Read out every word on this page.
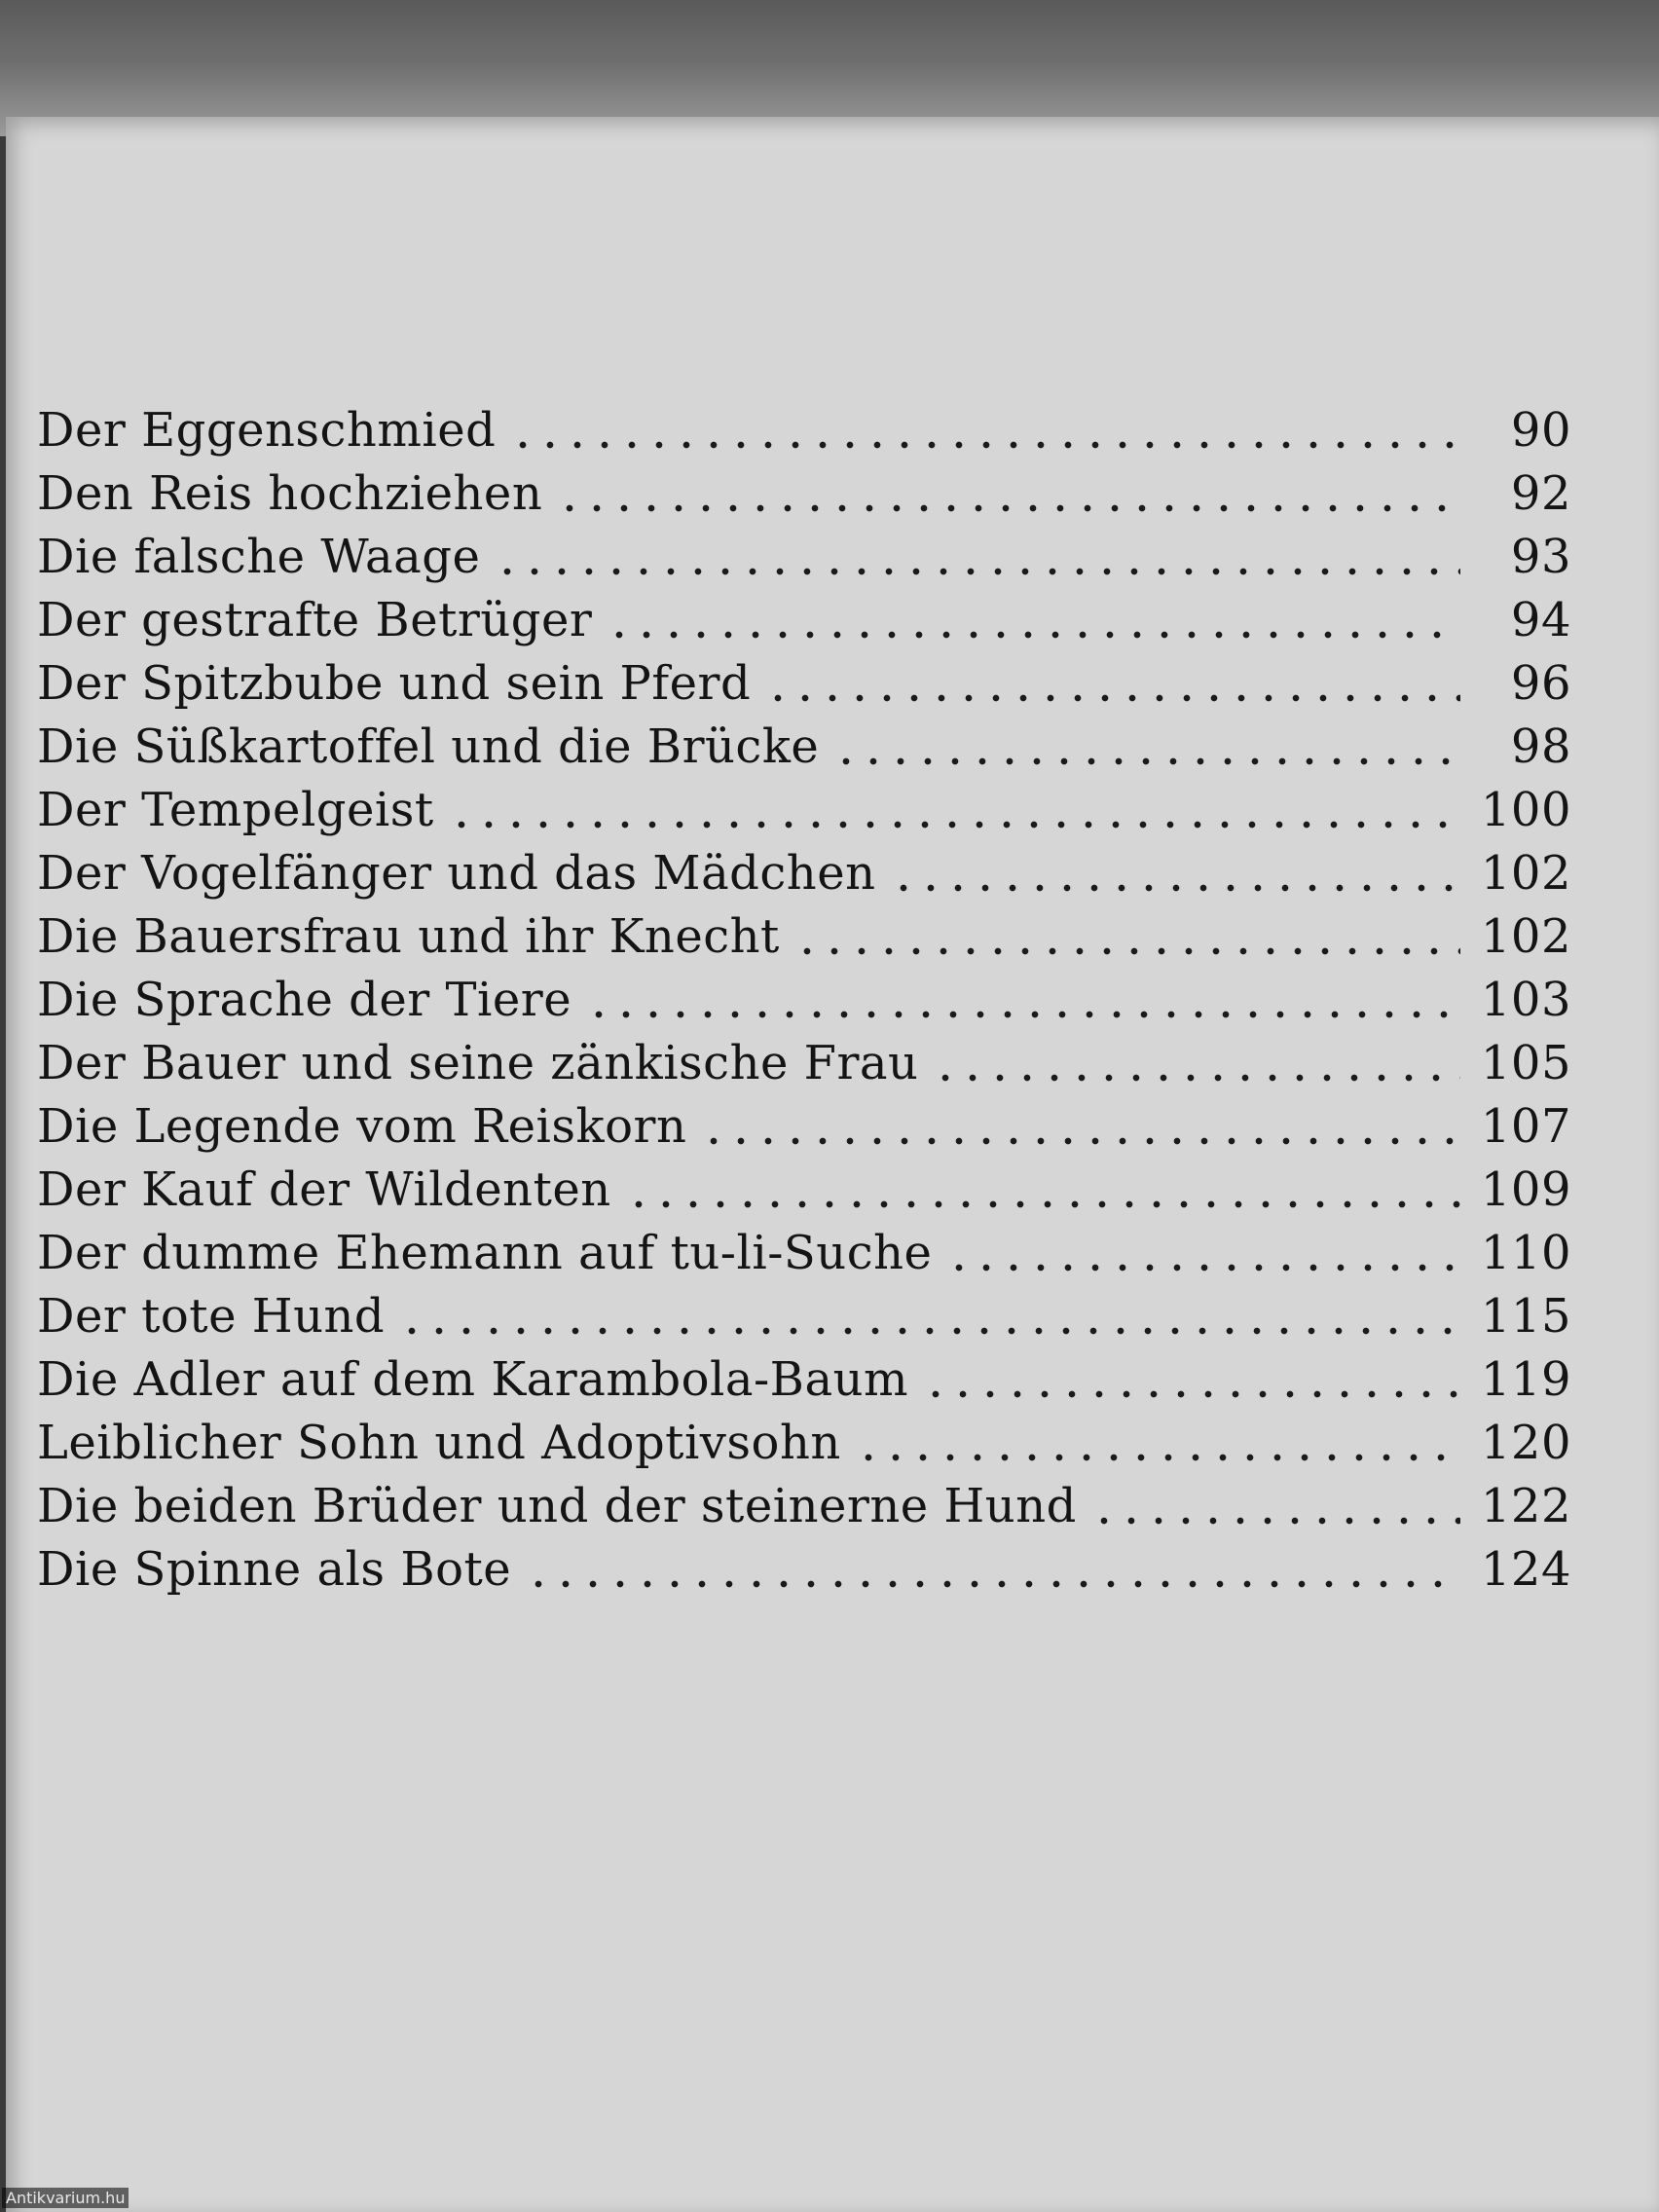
Der Eggenschmied	90
Den Reis hochziehen	92
Die falsche Waage	93
Der gestrafte Betrüger	94
Der Spitzbube und sein Pferd	96
Die Süßkartoffel und die Brücke	98
Der Tempelgeist	100
Der Vogelfänger und das Mädchen	102
Die Bauersfrau und ihr Knecht	102
Die Sprache der Tiere	103
Der Bauer und seine zänkische Frau	105
Die Legende vom Reiskorn	107
Der Kauf der Wildenten	109
Der dumme Ehemann auf tu-li-Suche	110
Der tote Hund	115
Die Adler auf dem Karambola-Baum	119
Leiblicher Sohn und Adoptivsohn	120
Die beiden Brüder und der steinerne Hund	122
Die Spinne als Bote	124
Antikvarium.hu
